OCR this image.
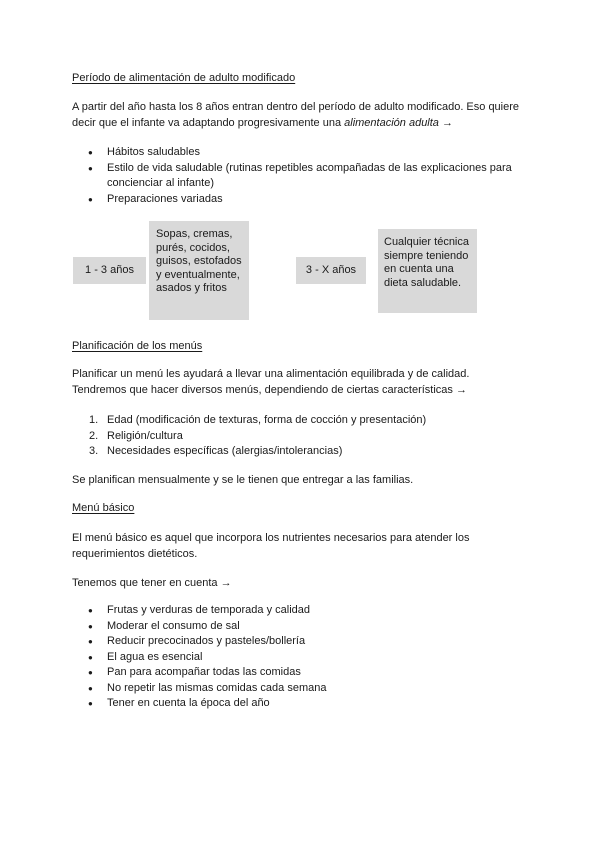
Período de alimentación de adulto modificado
A partir del año hasta los 8 años entran dentro del período de adulto modificado. Eso quiere
decir que el infante va adaptando progresivamente una alimentación adulta →
● Hábitos saludables
● Estilo de vida saludable (rutinas repetibles acompañadas de las explicaciones para concienciar al infante)
● Preparaciones variadas
1 - 3 años
Sopas, cremas, purés, cocidos, guisos, estofados y eventualmente, asados y fritos
3 - X años
Cualquier técnica siempre teniendo en cuenta una dieta saludable.
Planificación de los menús
Planificar un menú les ayudará a llevar una alimentación equilibrada y de calidad.
Tendremos que hacer diversos menús, dependiendo de ciertas características →
1. Edad (modificación de texturas, forma de cocción y presentación)
2. Religión/cultura
3. Necesidades específicas (alergias/intolerancias)
Se planifican mensualmente y se le tienen que entregar a las familias.
Menú básico
El menú básico es aquel que incorpora los nutrientes necesarios para atender los
requerimientos dietéticos.
Tenemos que tener en cuenta →
● Frutas y verduras de temporada y calidad
● Moderar el consumo de sal
● Reducir precocinados y pasteles/bollería
● El agua es esencial
● Pan para acompañar todas las comidas
● No repetir las mismas comidas cada semana
● Tener en cuenta la época del año
